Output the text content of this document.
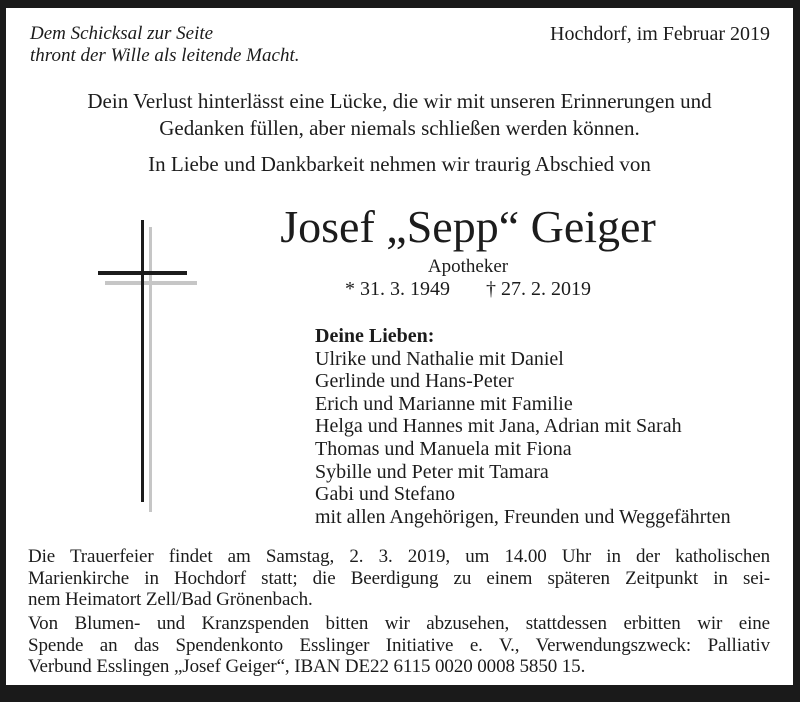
Dem Schicksal zur Seite
thront der Wille als leitende Macht.
Hochdorf, im Februar 2019
Dein Verlust hinterlässt eine Lücke, die wir mit unseren Erinnerungen und
Gedanken füllen, aber niemals schließen werden können.
In Liebe und Dankbarkeit nehmen wir traurig Abschied von
Josef „Sepp“ Geiger
Apotheker
* 31. 3. 1949 † 27. 2. 2019
Deine Lieben:
Ulrike und Nathalie mit Daniel
Gerlinde und Hans-Peter
Erich und Marianne mit Familie
Helga und Hannes mit Jana, Adrian mit Sarah
Thomas und Manuela mit Fiona
Sybille und Peter mit Tamara
Gabi und Stefano
mit allen Angehörigen, Freunden und Weggefährten
Die Trauerfeier findet am Samstag, 2. 3. 2019, um 14.00 Uhr in der katholischen
Marienkirche in Hochdorf statt; die Beerdigung zu einem späteren Zeitpunkt in sei-
nem Heimatort Zell/Bad Grönenbach.
Von Blumen- und Kranzspenden bitten wir abzusehen, stattdessen erbitten wir eine
Spende an das Spendenkonto Esslinger Initiative e. V., Verwendungszweck: Palliativ
Verbund Esslingen „Josef Geiger“, IBAN DE22 6115 0020 0008 5850 15.
